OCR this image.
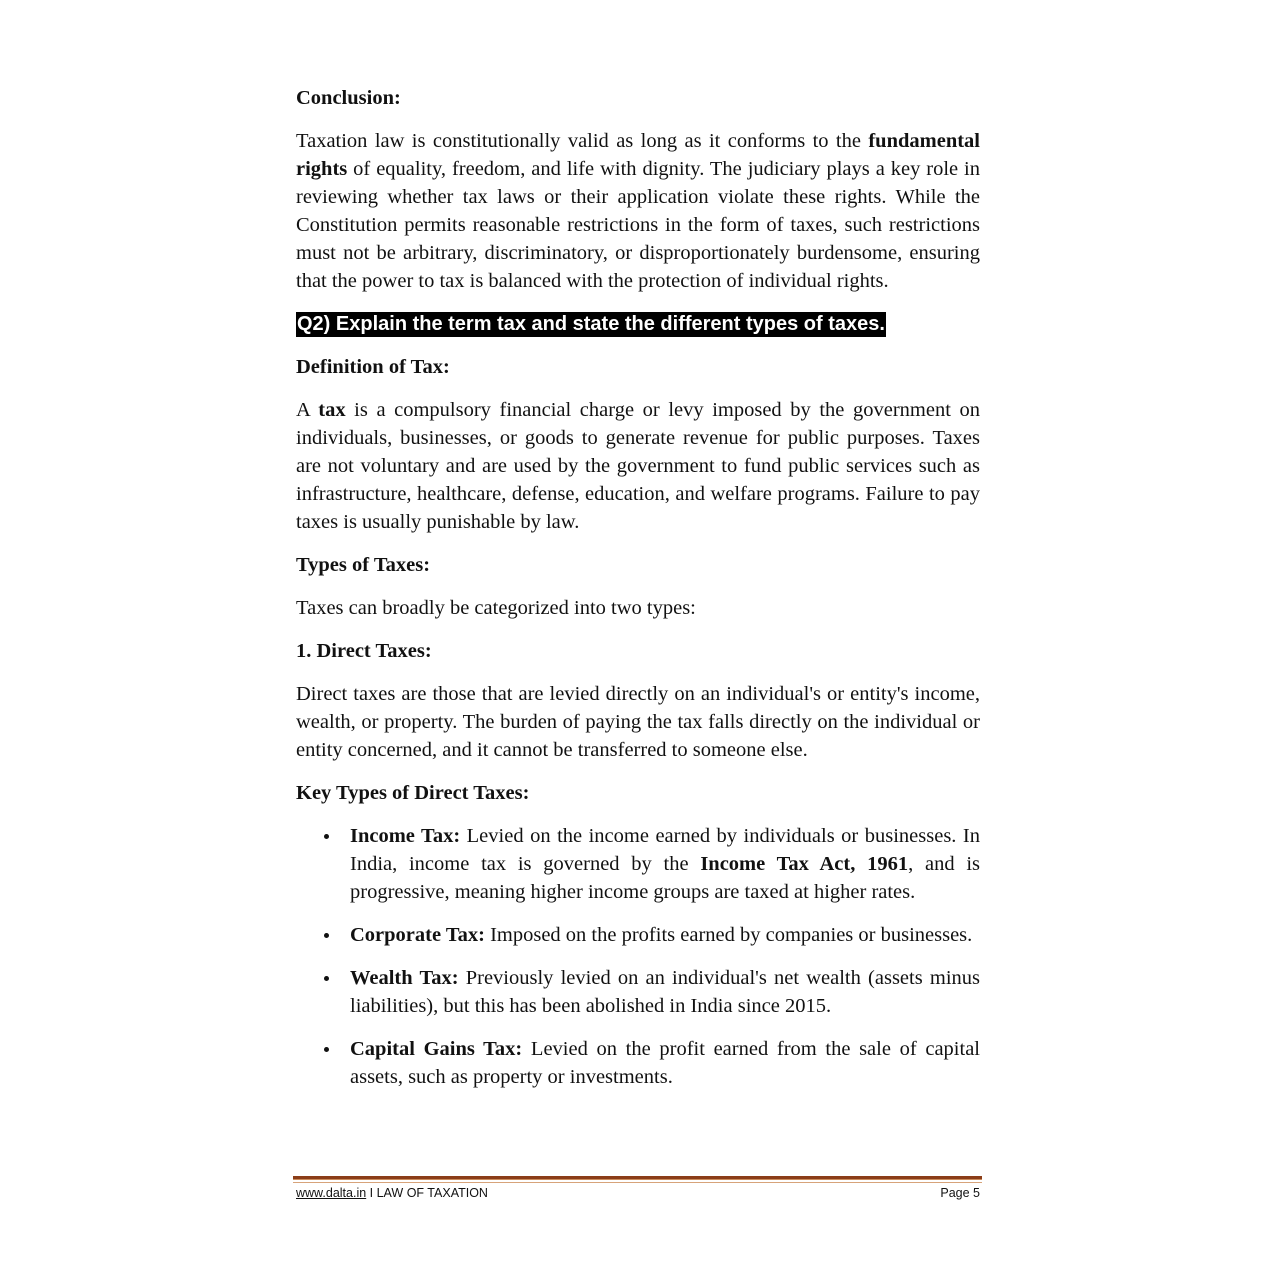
Conclusion:

Taxation law is constitutionally valid as long as it conforms to the fundamental rights of equality, freedom, and life with dignity. The judiciary plays a key role in reviewing whether tax laws or their application violate these rights. While the Constitution permits reasonable restrictions in the form of taxes, such restrictions must not be arbitrary, discriminatory, or disproportionately burdensome, ensuring that the power to tax is balanced with the protection of individual rights.

Q2) Explain the term tax and state the different types of taxes.
Definition of Tax:

A tax is a compulsory financial charge or levy imposed by the government on individuals, businesses, or goods to generate revenue for public purposes. Taxes are not voluntary and are used by the government to fund public services such as infrastructure, healthcare, defense, education, and welfare programs. Failure to pay taxes is usually punishable by law.

Types of Taxes:

Taxes can broadly be categorized into two types:

1. Direct Taxes:

Direct taxes are those that are levied directly on an individual's or entity's income, wealth, or property. The burden of paying the tax falls directly on the individual or entity concerned, and it cannot be transferred to someone else.

Key Types of Direct Taxes:
Income Tax: Levied on the income earned by individuals or businesses. In India, income tax is governed by the Income Tax Act, 1961, and is progressive, meaning higher income groups are taxed at higher rates.
Corporate Tax: Imposed on the profits earned by companies or businesses.
Wealth Tax: Previously levied on an individual's net wealth (assets minus liabilities), but this has been abolished in India since 2015.
Capital Gains Tax: Levied on the profit earned from the sale of capital assets, such as property or investments.
www.dalta.in I LAW OF TAXATION	Page 5
